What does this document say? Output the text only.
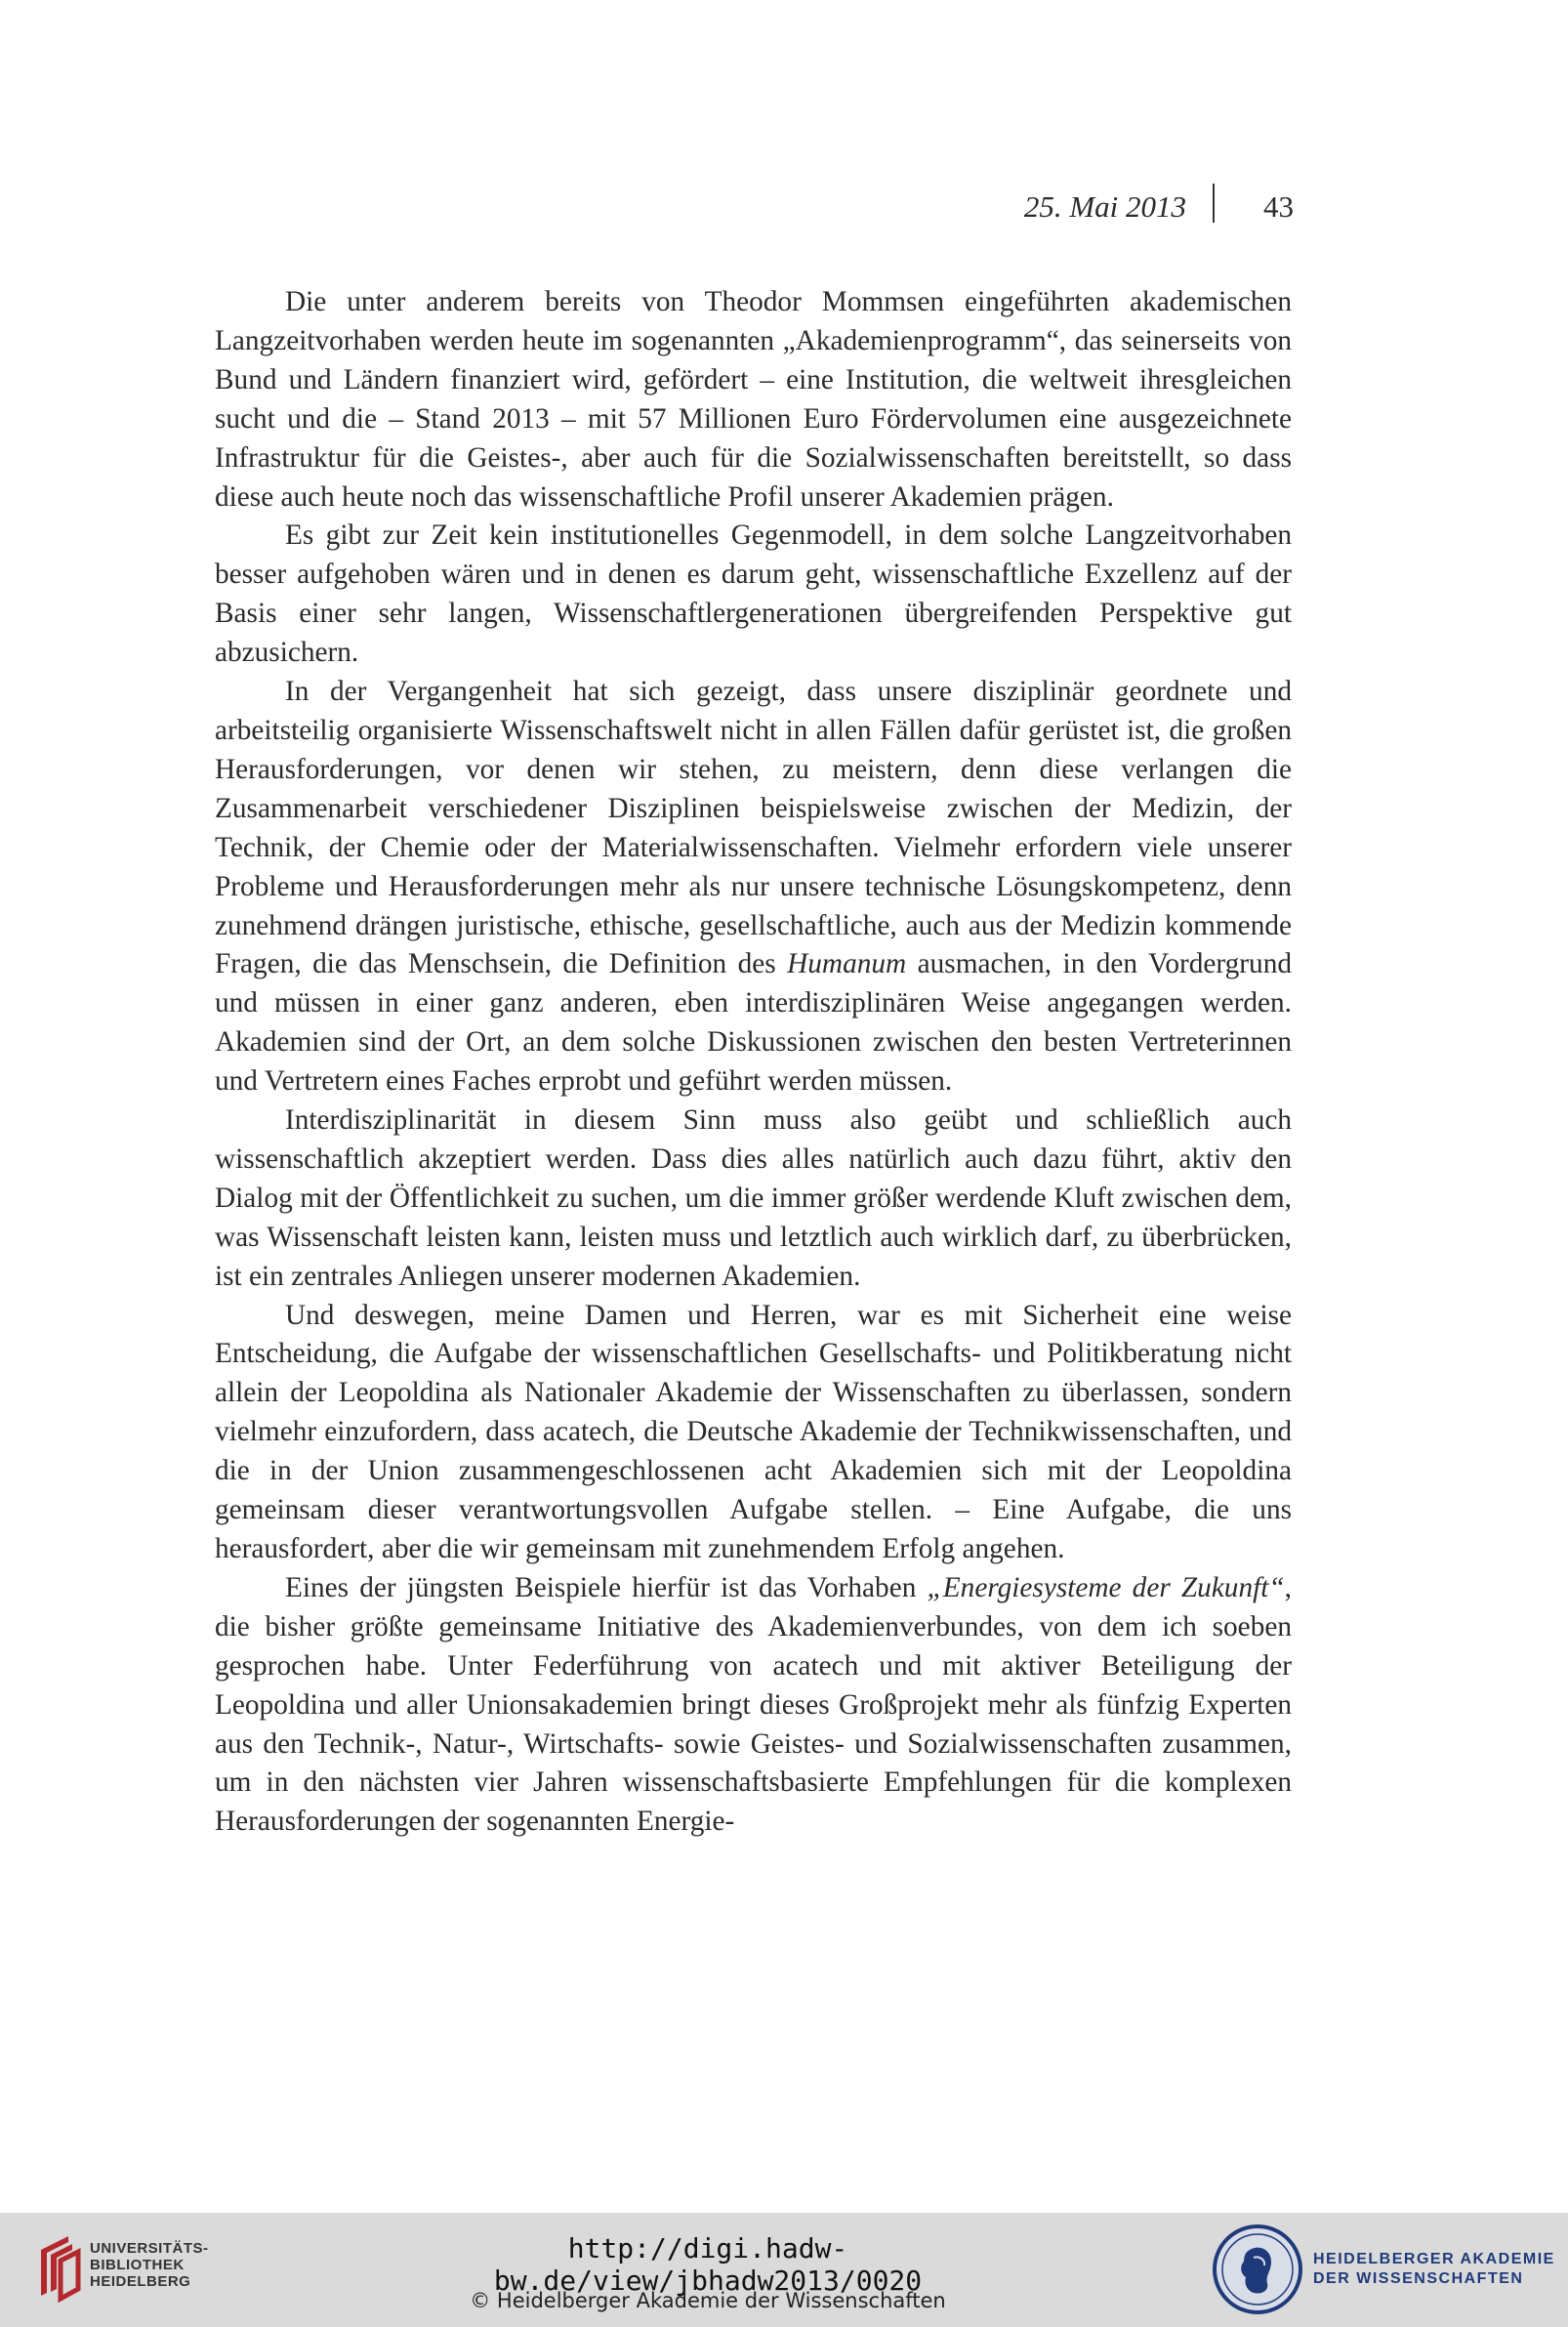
25. Mai 2013	43

Die unter anderem bereits von Theodor Mommsen eingeführten akademischen Langzeitvorhaben werden heute im sogenannten „Akademienprogramm“, das seinerseits von Bund und Ländern finanziert wird, gefördert – eine Institution, die weltweit ihresgleichen sucht und die – Stand 2013 – mit 57 Millionen Euro Fördervolumen eine ausgezeichnete Infrastruktur für die Geistes-, aber auch für die Sozialwissenschaften bereitstellt, so dass diese auch heute noch das wissenschaftliche Profil unserer Akademien prägen.

Es gibt zur Zeit kein institutionelles Gegenmodell, in dem solche Langzeitvorhaben besser aufgehoben wären und in denen es darum geht, wissenschaftliche Exzellenz auf der Basis einer sehr langen, Wissenschaftlergenerationen übergreifenden Perspektive gut abzusichern.

In der Vergangenheit hat sich gezeigt, dass unsere disziplinär geordnete und arbeitsteilig organisierte Wissenschaftswelt nicht in allen Fällen dafür gerüstet ist, die großen Herausforderungen, vor denen wir stehen, zu meistern, denn diese verlangen die Zusammenarbeit verschiedener Disziplinen beispielsweise zwischen der Medizin, der Technik, der Chemie oder der Materialwissenschaften. Vielmehr erfordern viele unserer Probleme und Herausforderungen mehr als nur unsere technische Lösungskompetenz, denn zunehmend drängen juristische, ethische, gesellschaftliche, auch aus der Medizin kommende Fragen, die das Menschsein, die Definition des Humanum ausmachen, in den Vordergrund und müssen in einer ganz anderen, eben interdisziplinären Weise angegangen werden. Akademien sind der Ort, an dem solche Diskussionen zwischen den besten Vertreterinnen und Vertretern eines Faches erprobt und geführt werden müssen.

Interdisziplinarität in diesem Sinn muss also geübt und schließlich auch wissenschaftlich akzeptiert werden. Dass dies alles natürlich auch dazu führt, aktiv den Dialog mit der Öffentlichkeit zu suchen, um die immer größer werdende Kluft zwischen dem, was Wissenschaft leisten kann, leisten muss und letztlich auch wirklich darf, zu überbrücken, ist ein zentrales Anliegen unserer modernen Akademien.

Und deswegen, meine Damen und Herren, war es mit Sicherheit eine weise Entscheidung, die Aufgabe der wissenschaftlichen Gesellschafts- und Politikberatung nicht allein der Leopoldina als Nationaler Akademie der Wissenschaften zu überlassen, sondern vielmehr einzufordern, dass acatech, die Deutsche Akademie der Technikwissenschaften, und die in der Union zusammengeschlossenen acht Akademien sich mit der Leopoldina gemeinsam dieser verantwortungsvollen Aufgabe stellen. – Eine Aufgabe, die uns herausfordert, aber die wir gemeinsam mit zunehmendem Erfolg angehen.

Eines der jüngsten Beispiele hierfür ist das Vorhaben „Energiesysteme der Zukunft“, die bisher größte gemeinsame Initiative des Akademienverbundes, von dem ich soeben gesprochen habe. Unter Federführung von acatech und mit aktiver Beteiligung der Leopoldina und aller Unionsakademien bringt dieses Großprojekt mehr als fünfzig Experten aus den Technik-, Natur-, Wirtschafts- sowie Geistes- und Sozialwissenschaften zusammen, um in den nächsten vier Jahren wissenschaftsbasierte Empfehlungen für die komplexen Herausforderungen der sogenannten Energie-

UNIVERSITÄTS-
BIBLIOTHEK
HEIDELBERG
http://digi.hadw-bw.de/view/jbhadw2013/0020
© Heidelberger Akademie der Wissenschaften
HEIDELBERGER AKADEMIE
DER WISSENSCHAFTEN
